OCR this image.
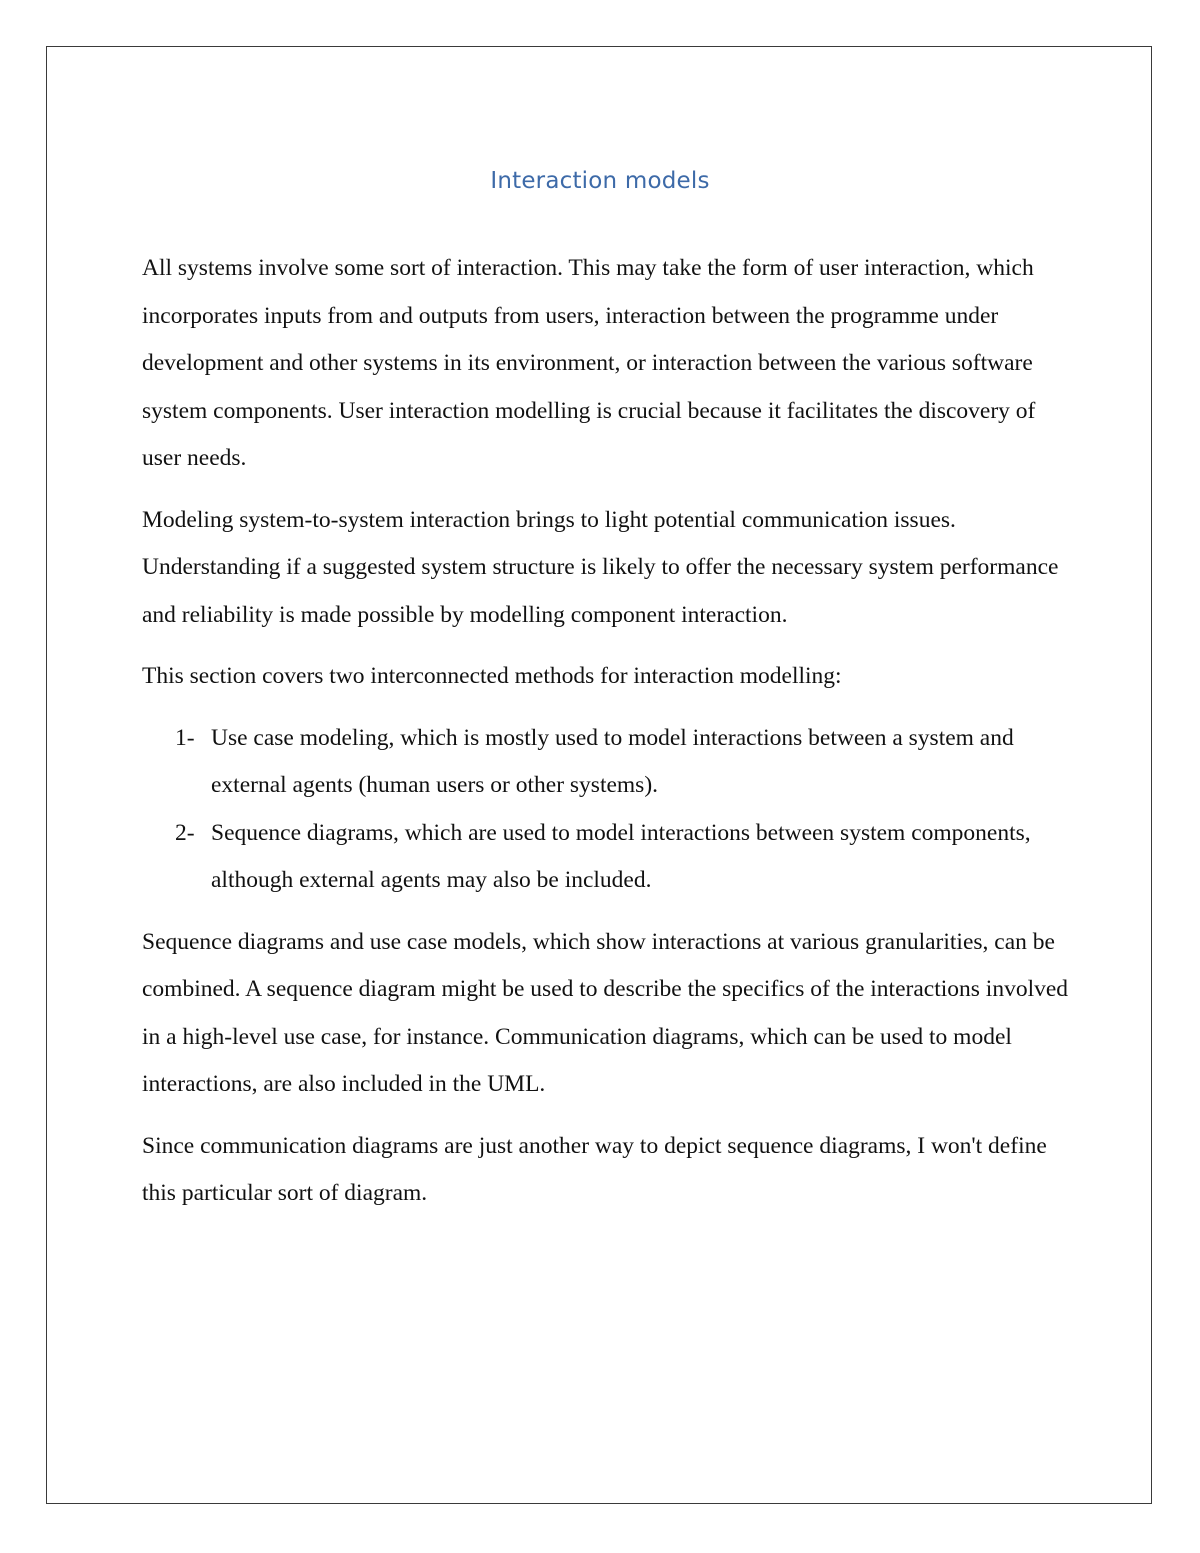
Interaction models

All systems involve some sort of interaction. This may take the form of user interaction, which incorporates inputs from and outputs from users, interaction between the programme under development and other systems in its environment, or interaction between the various software system components. User interaction modelling is crucial because it facilitates the discovery of user needs.

Modeling system-to-system interaction brings to light potential communication issues. Understanding if a suggested system structure is likely to offer the necessary system performance and reliability is made possible by modelling component interaction.

This section covers two interconnected methods for interaction modelling:

1- Use case modeling, which is mostly used to model interactions between a system and external agents (human users or other systems).
2- Sequence diagrams, which are used to model interactions between system components, although external agents may also be included.

Sequence diagrams and use case models, which show interactions at various granularities, can be combined. A sequence diagram might be used to describe the specifics of the interactions involved in a high-level use case, for instance. Communication diagrams, which can be used to model interactions, are also included in the UML.

Since communication diagrams are just another way to depict sequence diagrams, I won't define this particular sort of diagram.
